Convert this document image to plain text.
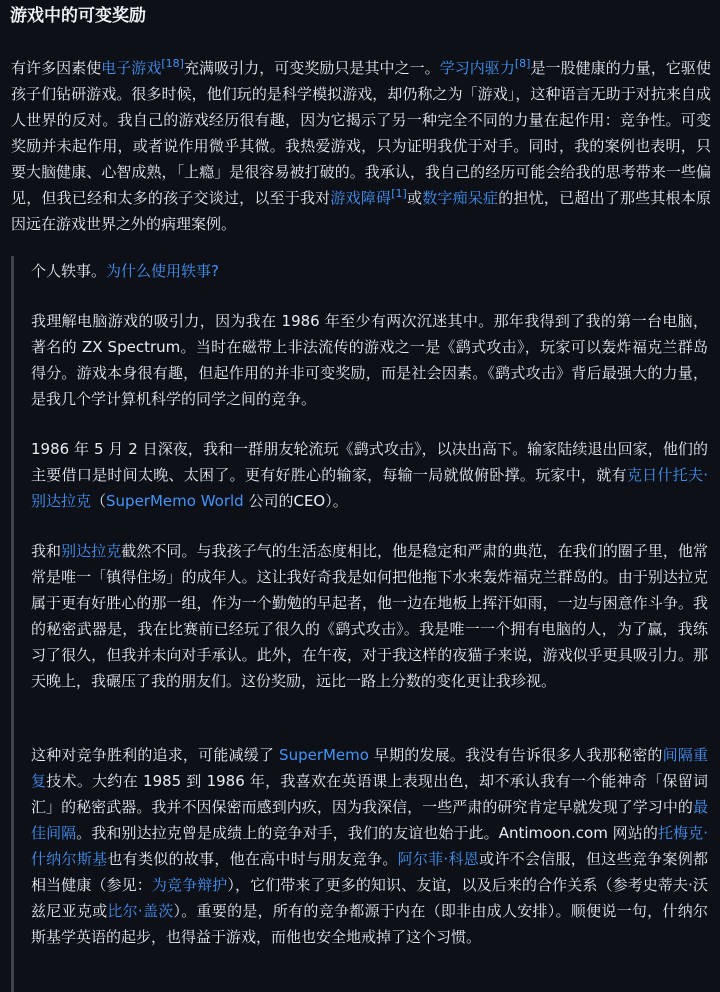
游戏中的可变奖励

有许多因素使电子游戏[18]充满吸引力，可变奖励只是其中之一。学习内驱力[8]是一股健康的力量，它驱使孩子们钻研游戏。很多时候，他们玩的是科学模拟游戏，却仍称之为「游戏」，这种语言无助于对抗来自成人世界的反对。我自己的游戏经历很有趣，因为它揭示了另一种完全不同的力量在起作用：竞争性。可变奖励并未起作用，或者说作用微乎其微。我热爱游戏，只为证明我优于对手。同时，我的案例也表明，只要大脑健康、心智成熟，「上瘾」是很容易被打破的。我承认，我自己的经历可能会给我的思考带来一些偏见，但我已经和太多的孩子交谈过，以至于我对游戏障碍[1]或数字痴呆症的担忧，已超出了那些其根本原因远在游戏世界之外的病理案例。

个人轶事。为什么使用轶事?

我理解电脑游戏的吸引力，因为我在 1986 年至少有两次沉迷其中。那年我得到了我的第一台电脑，著名的 ZX Spectrum。当时在磁带上非法流传的游戏之一是《鹞式攻击》，玩家可以轰炸福克兰群岛得分。游戏本身很有趣，但起作用的并非可变奖励，而是社会因素。《鹞式攻击》背后最强大的力量，是我几个学计算机科学的同学之间的竞争。

1986 年 5 月 2 日深夜，我和一群朋友轮流玩《鹞式攻击》，以决出高下。输家陆续退出回家，他们的主要借口是时间太晚、太困了。更有好胜心的输家，每输一局就做俯卧撑。玩家中，就有克日什托夫·别达拉克（SuperMemo World 公司的CEO）。

我和别达拉克截然不同。与我孩子气的生活态度相比，他是稳定和严肃的典范，在我们的圈子里，他常常是唯一「镇得住场」的成年人。这让我好奇我是如何把他拖下水来轰炸福克兰群岛的。由于别达拉克属于更有好胜心的那一组，作为一个勤勉的早起者，他一边在地板上挥汗如雨，一边与困意作斗争。我的秘密武器是，我在比赛前已经玩了很久的《鹞式攻击》。我是唯一一个拥有电脑的人，为了赢，我练习了很久，但我并未向对手承认。此外，在午夜，对于我这样的夜猫子来说，游戏似乎更具吸引力。那天晚上，我碾压了我的朋友们。这份奖励，远比一路上分数的变化更让我珍视。

这种对竞争胜利的追求，可能减缓了 SuperMemo 早期的发展。我没有告诉很多人我那秘密的间隔重复技术。大约在 1985 到 1986 年，我喜欢在英语课上表现出色，却不承认我有一个能神奇「保留词汇」的秘密武器。我并不因保密而感到内疚，因为我深信，一些严肃的研究肯定早就发现了学习中的最佳间隔。我和别达拉克曾是成绩上的竞争对手，我们的友谊也始于此。Antimoon.com 网站的托梅克·什纳尔斯基也有类似的故事，他在高中时与朋友竞争。阿尔菲·科恩或许不会信服，但这些竞争案例都相当健康（参见：为竞争辩护），它们带来了更多的知识、友谊，以及后来的合作关系（参考史蒂夫·沃兹尼亚克或比尔·盖茨）。重要的是，所有的竞争都源于内在（即非由成人安排）。顺便说一句，什纳尔斯基学英语的起步，也得益于游戏，而他也安全地戒掉了这个习惯。
